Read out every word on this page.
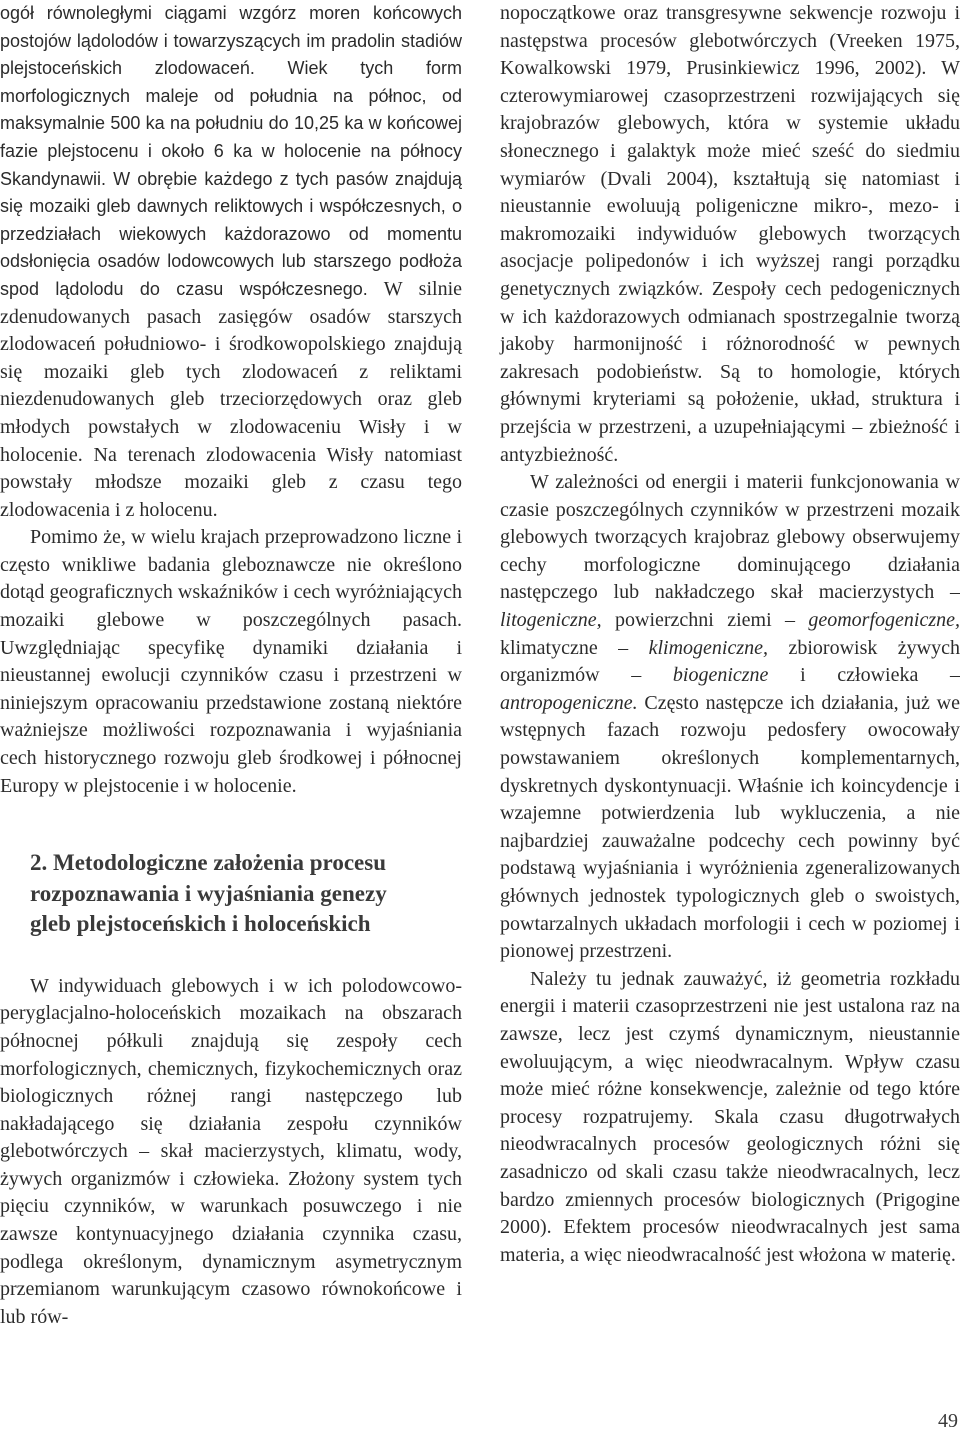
ogół równoległymi ciągami wzgórz moren końcowych postojów lądolodów i towarzyszących im pradolin stadiów plejstoceńskich zlodowaceń. Wiek tych form morfologicznych maleje od południa na północ, od maksymalnie 500 ka na południu do 10,25 ka w końcowej fazie plejstocenu i około 6 ka w holocenie na północy Skandynawii. W obrębie każdego z tych pasów znajdują się mozaiki gleb dawnych reliktowych i współczesnych, o przedziałach wiekowych każdorazowo od momentu odsłonięcia osadów lodowcowych lub starszego podłoża spod lądolodu do czasu współczesnego. W silnie zdenudowanych pasach zasięgów osadów starszych zlodowaceń południowo- i środkowopolskiego znajdują się mozaiki gleb tych zlodowaceń z reliktami niezdenudowanych gleb trzeciorzędowych oraz gleb młodych powstałych w zlodowaceniu Wisły i w holocenie. Na terenach zlodowacenia Wisły natomiast powstały młodsze mozaiki gleb z czasu tego zlodowacenia i z holocenu.

Pomimo że, w wielu krajach przeprowadzono liczne i często wnikliwe badania gleboznawcze nie określono dotąd geograficznych wskaźników i cech wyróżniających mozaiki glebowe w poszczególnych pasach. Uwzględniając specyfikę dynamiki działania i nieustannej ewolucji czynników czasu i przestrzeni w niniejszym opracowaniu przedstawione zostaną niektóre ważniejsze możliwości rozpoznawania i wyjaśniania cech historycznego rozwoju gleb środkowej i północnej Europy w plejstocenie i w holocenie.

2. Metodologiczne założenia procesu
rozpoznawania i wyjaśniania genezy
gleb plejstoceńskich i holoceńskich

W indywiduach glebowych i w ich polodowcowo-peryglacjalno-holoceńskich mozaikach na obszarach północnej półkuli znajdują się zespoły cech morfologicznych, chemicznych, fizykochemicznych oraz biologicznych różnej rangi następczego lub nakładającego się działania zespołu czynników glebotwórczych – skał macierzystych, klimatu, wody, żywych organizmów i człowieka. Złożony system tych pięciu czynników, w warunkach posuwczego i nie zawsze kontynuacyjnego działania czynnika czasu, podlega określonym, dynamicznym asymetrycznym przemianom warunkującym czasowo równokońcowe i lub rów-

nopoczątkowe oraz transgresywne sekwencje rozwoju i następstwa procesów glebotwórczych (Vreeken 1975, Kowalkowski 1979, Prusinkiewicz 1996, 2002). W czterowymiarowej czasoprzestrzeni rozwijających się krajobrazów glebowych, która w systemie układu słonecznego i galaktyk może mieć sześć do siedmiu wymiarów (Dvali 2004), kształtują się natomiast i nieustannie ewoluują poligeniczne mikro-, mezo- i makromozaiki indywiduów glebowych tworzących asocjacje polipedonów i ich wyższej rangi porządku genetycznych związków. Zespoły cech pedogenicznych w ich każdorazowych odmianach spostrzegalnie tworzą jakoby harmonijność i różnorodność w pewnych zakresach podobieństw. Są to homologie, których głównymi kryteriami są położenie, układ, struktura i przejścia w przestrzeni, a uzupełniającymi – zbieżność i antyzbieżność.

W zależności od energii i materii funkcjonowania w czasie poszczególnych czynników w przestrzeni mozaik glebowych tworzących krajobraz glebowy obserwujemy cechy morfologiczne dominującego działania następczego lub nakładczego skał macierzystych – litogeniczne, powierzchni ziemi – geomorfogeniczne, klimatyczne – klimogeniczne, zbiorowisk żywych organizmów – biogeniczne i człowieka – antropogeniczne. Często następcze ich działania, już we wstępnych fazach rozwoju pedosfery owocowały powstawaniem określonych komplementarnych, dyskretnych dyskontynuacji. Właśnie ich koincydencje i wzajemne potwierdzenia lub wykluczenia, a nie najbardziej zauważalne podcechy cech powinny być podstawą wyjaśniania i wyróżnienia zgeneralizowanych głównych jednostek typologicznych gleb o swoistych, powtarzalnych układach morfologii i cech w poziomej i pionowej przestrzeni.

Należy tu jednak zauważyć, iż geometria rozkładu energii i materii czasoprzestrzeni nie jest ustalona raz na zawsze, lecz jest czymś dynamicznym, nieustannie ewoluującym, a więc nieodwracalnym. Wpływ czasu może mieć różne konsekwencje, zależnie od tego które procesy rozpatrujemy. Skala czasu długotrwałych nieodwracalnych procesów geologicznych różni się zasadniczo od skali czasu także nieodwracalnych, lecz bardzo zmiennych procesów biologicznych (Prigogine 2000). Efektem procesów nieodwracalnych jest sama materia, a więc nieodwracalność jest włożona w materię.

49
